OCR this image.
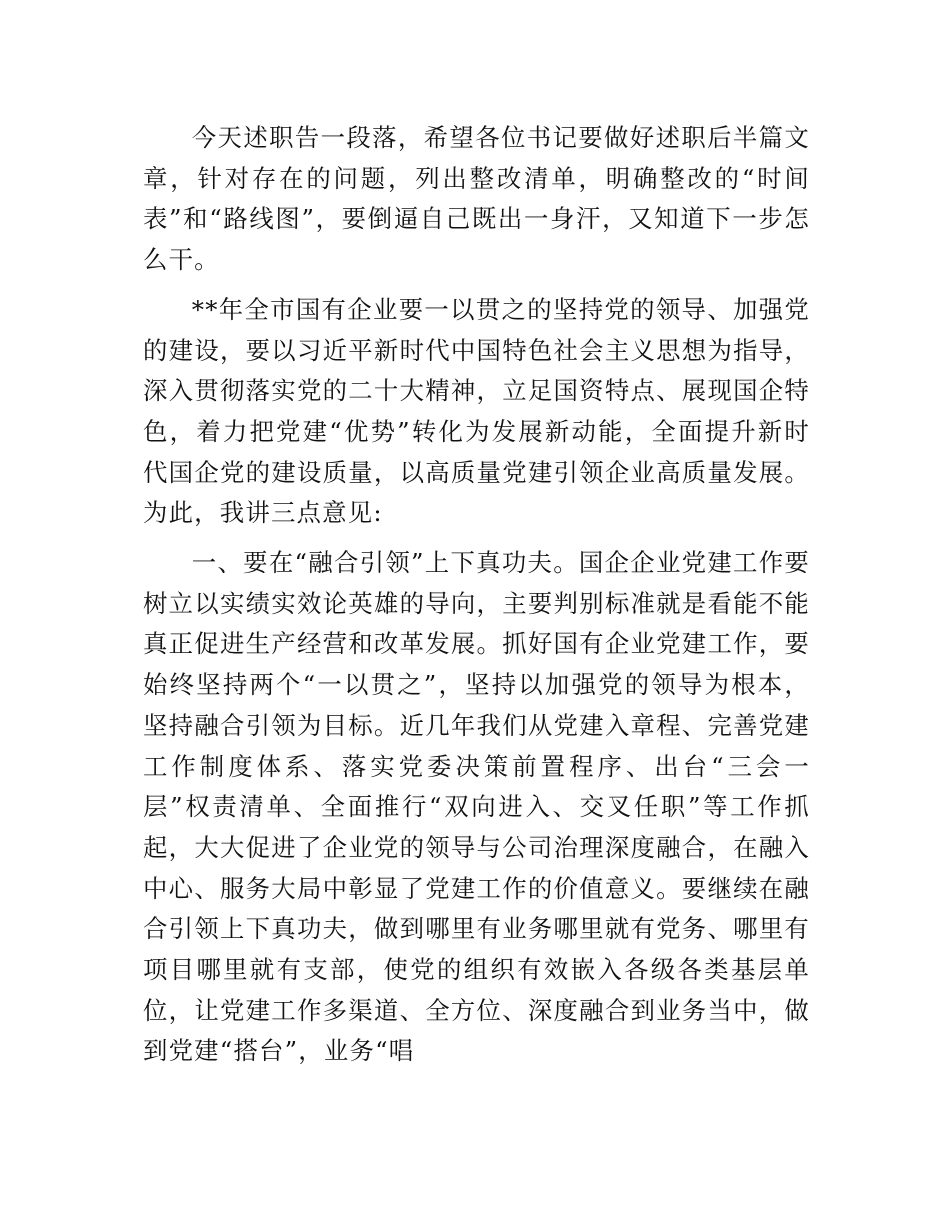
今天述职告一段落，希望各位书记要做好述职后半篇文章，针对存在的问题，列出整改清单，明确整改的“时间表”和“路线图”，要倒逼自己既出一身汗，又知道下一步怎么干。

**年全市国有企业要一以贯之的坚持党的领导、加强党的建设，要以习近平新时代中国特色社会主义思想为指导，深入贯彻落实党的二十大精神，立足国资特点、展现国企特色，着力把党建“优势”转化为发展新动能，全面提升新时代国企党的建设质量，以高质量党建引领企业高质量发展。为此，我讲三点意见:

一、要在“融合引领”上下真功夫。国企企业党建工作要树立以实绩实效论英雄的导向，主要判别标准就是看能不能真正促进生产经营和改革发展。抓好国有企业党建工作，要始终坚持两个“一以贯之”，坚持以加强党的领导为根本，坚持融合引领为目标。近几年我们从党建入章程、完善党建工作制度体系、落实党委决策前置程序、出台“三会一层”权责清单、全面推行“双向进入、交叉任职”等工作抓起，大大促进了企业党的领导与公司治理深度融合，在融入中心、服务大局中彰显了党建工作的价值意义。要继续在融合引领上下真功夫，做到哪里有业务哪里就有党务、哪里有项目哪里就有支部，使党的组织有效嵌入各级各类基层单位，让党建工作多渠道、全方位、深度融合到业务当中，做到党建“搭台”，业务“唱
